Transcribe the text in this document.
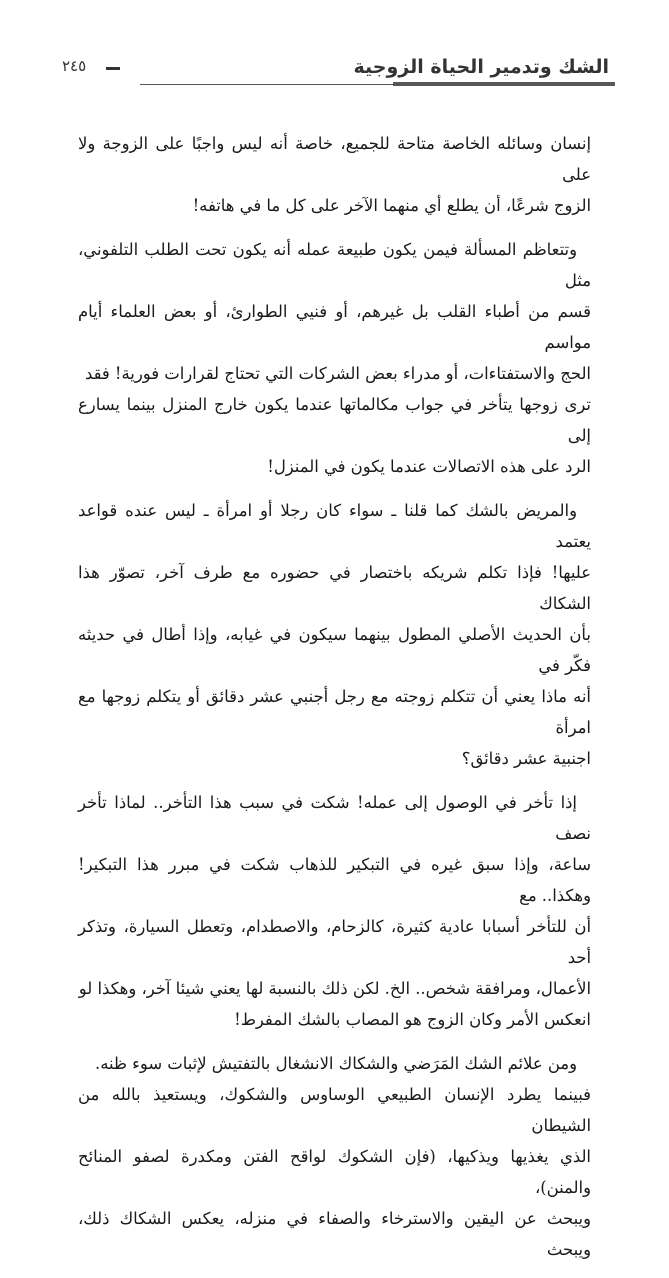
الشك وتدمير الحياة الزوجية
٢٤٥

إنسان وسائله الخاصة متاحة للجميع، خاصة أنه ليس واجبًا على الزوجة ولا على
الزوج شرعًا، أن يطلع أي منهما الآخر على كل ما في هاتفه!

وتتعاظم المسألة فيمن يكون طبيعة عمله أنه يكون تحت الطلب التلفوني، مثل
قسم من أطباء القلب بل غيرهم، أو فنيي الطوارئ، أو بعض العلماء أيام مواسم
الحج والاستفتاءات، أو مدراء بعض الشركات التي تحتاج لقرارات فورية! فقد
ترى زوجها يتأخر في جواب مكالماتها عندما يكون خارج المنزل بينما يسارع إلى
الرد على هذه الاتصالات عندما يكون في المنزل!

والمريض بالشك كما قلنا ـ سواء كان رجلا أو امرأة ـ ليس عنده قواعد يعتمد
عليها! فإذا تكلم شريكه باختصار في حضوره مع طرف آخر، تصوّر هذا الشكاك
بأن الحديث الأصلي المطول بينهما سيكون في غيابه، وإذا أطال في حديثه فكّر في
أنه ماذا يعني أن تتكلم زوجته مع رجل أجنبي عشر دقائق أو يتكلم زوجها مع امرأة
اجنبية عشر دقائق؟

إذا تأخر في الوصول إلى عمله! شكت في سبب هذا التأخر.. لماذا تأخر نصف
ساعة، وإذا سبق غيره في التبكير للذهاب شكت في مبرر هذا التبكير! وهكذا.. مع
أن للتأخر أسبابا عادية كثيرة، كالزحام، والاصطدام، وتعطل السيارة، وتذكر أحد
الأعمال، ومرافقة شخص.. الخ. لكن ذلك بالنسبة لها يعني شيئا آخر، وهكذا لو
انعكس الأمر وكان الزوج هو المصاب بالشك المفرط!

ومن علائم الشك المَرَضي والشكاك الانشغال بالتفتيش لإثبات سوء ظنه.
فبينما يطرد الإنسان الطبيعي الوساوس والشكوك، ويستعيذ بالله من الشيطان
الذي يغذيها ويذكيها، (فإن الشكوك لواقح الفتن ومكدرة لصفو المنائح والمنن)،
ويبحث عن اليقين والاسترخاء والصفاء في منزله، يعكس الشكاك ذلك، ويبحث
